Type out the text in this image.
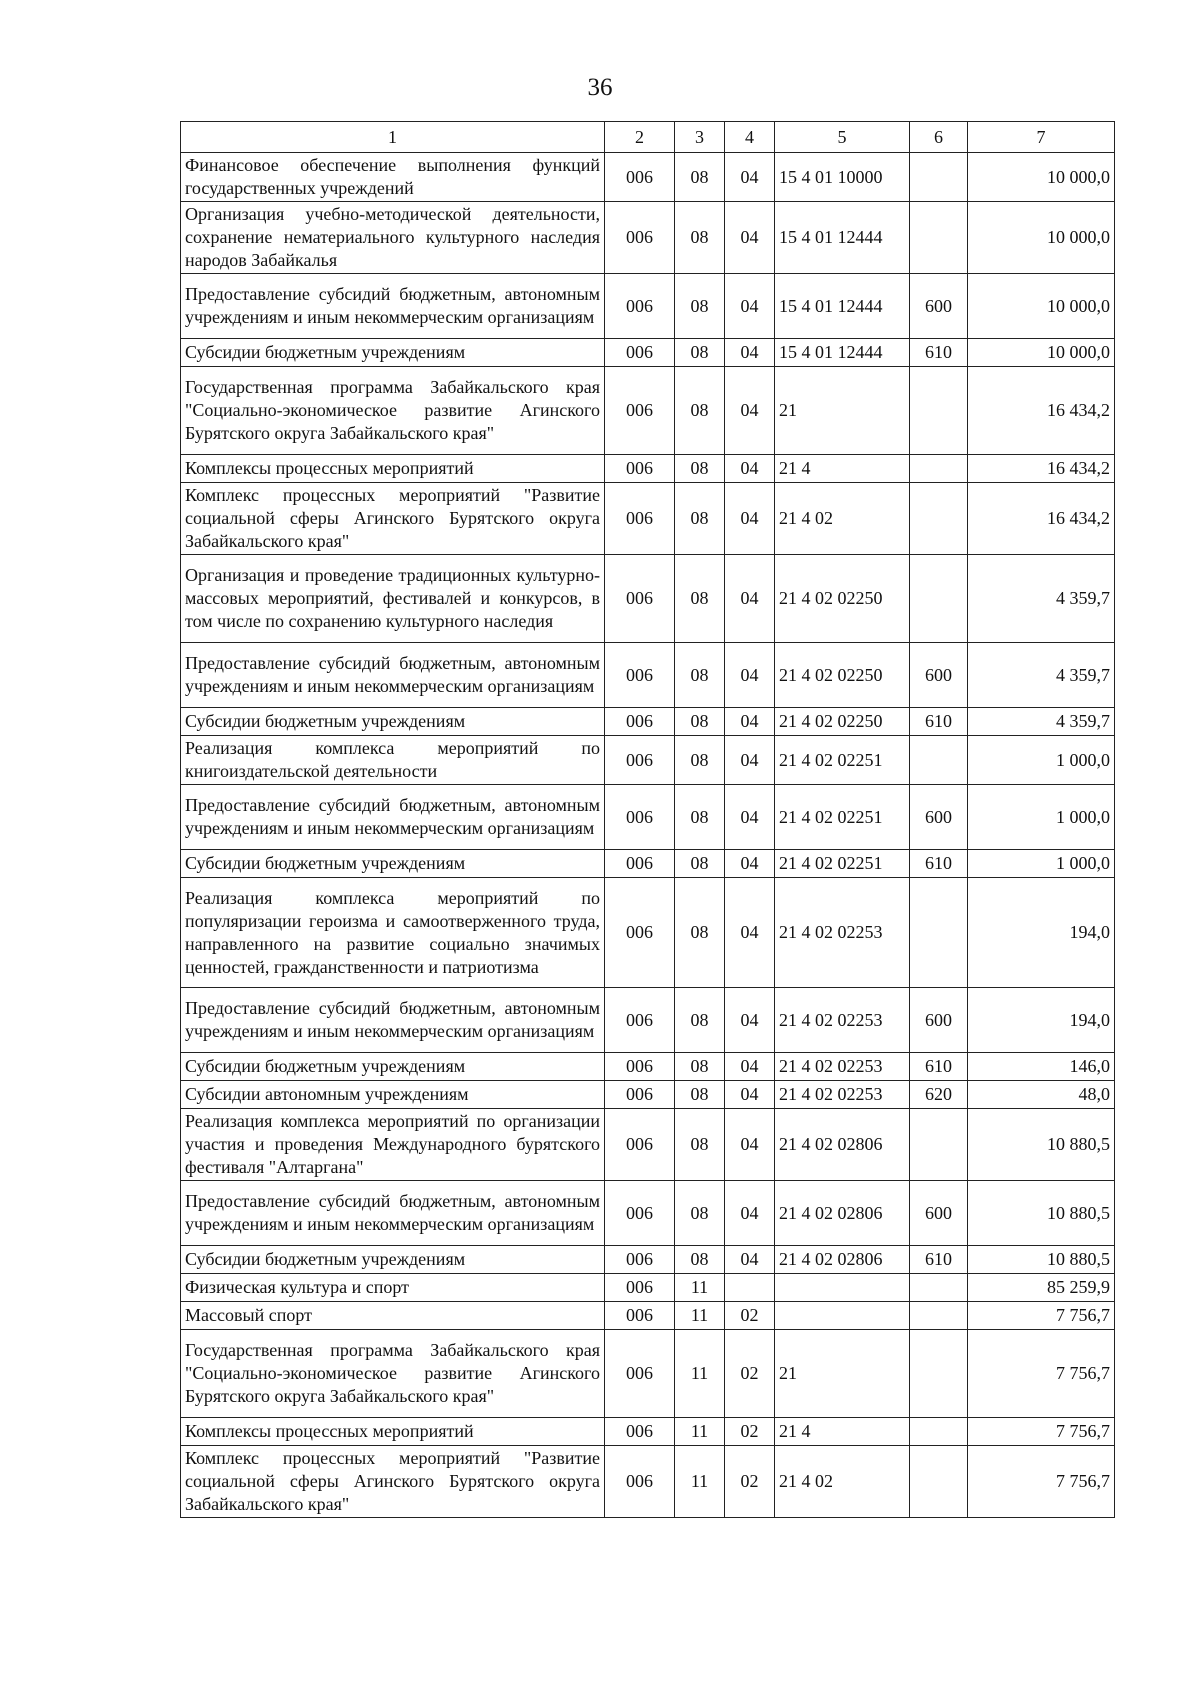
36
1	2	3	4	5	6	7
Финансовое обеспечение выполнения функций государственных учреждений	006	08	04	15 4 01 10000		10 000,0
Организация учебно-методической деятельности, сохранение нематериального культурного наследия народов Забайкалья	006	08	04	15 4 01 12444		10 000,0
Предоставление субсидий бюджетным, автономным учреждениям и иным некоммерческим организациям	006	08	04	15 4 01 12444	600	10 000,0
Субсидии бюджетным учреждениям	006	08	04	15 4 01 12444	610	10 000,0
Государственная программа Забайкальского края "Социально-экономическое развитие Агинского Бурятского округа Забайкальского края"	006	08	04	21		16 434,2
Комплексы процессных мероприятий	006	08	04	21 4		16 434,2
Комплекс процессных мероприятий "Развитие социальной сферы Агинского Бурятского округа Забайкальского края"	006	08	04	21 4 02		16 434,2
Организация и проведение традиционных культурно-массовых мероприятий, фестивалей и конкурсов, в том числе по сохранению культурного наследия	006	08	04	21 4 02 02250		4 359,7
Предоставление субсидий бюджетным, автономным учреждениям и иным некоммерческим организациям	006	08	04	21 4 02 02250	600	4 359,7
Субсидии бюджетным учреждениям	006	08	04	21 4 02 02250	610	4 359,7
Реализация комплекса мероприятий по книгоиздательской деятельности	006	08	04	21 4 02 02251		1 000,0
Предоставление субсидий бюджетным, автономным учреждениям и иным некоммерческим организациям	006	08	04	21 4 02 02251	600	1 000,0
Субсидии бюджетным учреждениям	006	08	04	21 4 02 02251	610	1 000,0
Реализация комплекса мероприятий по популяризации героизма и самоотверженного труда, направленного на развитие социально значимых ценностей, гражданственности и патриотизма	006	08	04	21 4 02 02253		194,0
Предоставление субсидий бюджетным, автономным учреждениям и иным некоммерческим организациям	006	08	04	21 4 02 02253	600	194,0
Субсидии бюджетным учреждениям	006	08	04	21 4 02 02253	610	146,0
Субсидии автономным учреждениям	006	08	04	21 4 02 02253	620	48,0
Реализация комплекса мероприятий по организации участия и проведения Международного бурятского фестиваля "Алтаргана"	006	08	04	21 4 02 02806		10 880,5
Предоставление субсидий бюджетным, автономным учреждениям и иным некоммерческим организациям	006	08	04	21 4 02 02806	600	10 880,5
Субсидии бюджетным учреждениям	006	08	04	21 4 02 02806	610	10 880,5
Физическая культура и спорт	006	11				85 259,9
Массовый спорт	006	11	02			7 756,7
Государственная программа Забайкальского края "Социально-экономическое развитие Агинского Бурятского округа Забайкальского края"	006	11	02	21		7 756,7
Комплексы процессных мероприятий	006	11	02	21 4		7 756,7
Комплекс процессных мероприятий "Развитие социальной сферы Агинского Бурятского округа Забайкальского края"	006	11	02	21 4 02		7 756,7
